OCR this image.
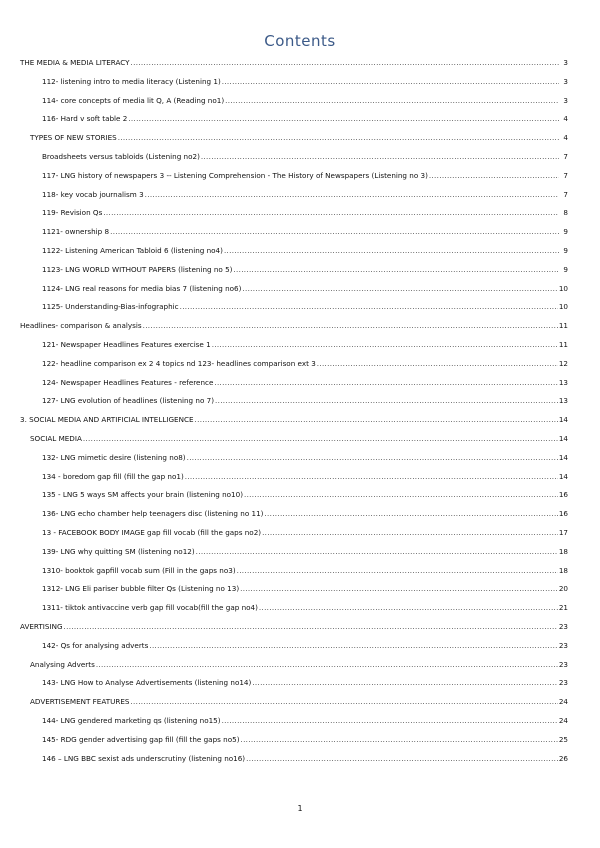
Contents
THE MEDIA & MEDIA LITERACY .....	3
112- listening intro to media literacy (Listening 1) .....	3
114- core concepts of media lit Q, A (Reading no1) .....	3
116- Hard v soft table 2 .....	4
TYPES OF NEW STORIES .....	4
Broadsheets versus tabloids (Listening no2) .....	7
117- LNG history of newspapers 3 -- Listening Comprehension - The History of Newspapers (Listening no 3) .....	7
118- key vocab journalism 3 .....	7
119- Revision Qs .....	8
1121- ownership 8 .....	9
1122- Listening American Tabloid 6 (listening no4) .....	9
1123- LNG WORLD WITHOUT PAPERS (listening no 5) .....	9
1124- LNG real reasons for media bias 7 (listening no6) .....	10
1125- Understanding-Bias-infographic .....	10
Headlines- comparison & analysis .....	11
121- Newspaper Headlines Features exercise 1 .....	11
122- headline comparison ex 2 4 topics nd 123- headlines comparison ext 3 .....	12
124- Newspaper Headlines Features - reference .....	13
127- LNG evolution of headlines (listening no 7) .....	13
3. SOCIAL MEDIA AND ARTIFICIAL INTELLIGENCE .....	14
SOCIAL MEDIA .....	14
132- LNG mimetic desire (listening no8) .....	14
134 - boredom gap fill (fill the gap no1) .....	14
135 - LNG 5 ways SM affects your brain (listening no10) .....	16
136- LNG echo chamber help teenagers disc (listening no 11) .....	16
13 - FACEBOOK BODY IMAGE gap fill vocab (fill the gaps no2) .....	17
139- LNG why quitting SM (listening no12) .....	18
1310- booktok gapfill vocab sum (Fill in the gaps no3) .....	18
1312- LNG Eli pariser bubble filter Qs (Listening no 13) .....	20
1311- tiktok antivaccine verb gap fill vocab(fill the gap no4) .....	21
AVERTISING .....	23
142- Qs for analysing adverts .....	23
Analysing Adverts .....	23
143- LNG How to Analyse Advertisements (listening no14) .....	23
ADVERTISEMENT FEATURES .....	24
144- LNG gendered marketing qs (listening no15) .....	24
145- RDG gender advertising gap fill (fill the gaps no5) .....	25
146 – LNG BBC sexist ads underscrutiny (listening no16) .....	26
1
